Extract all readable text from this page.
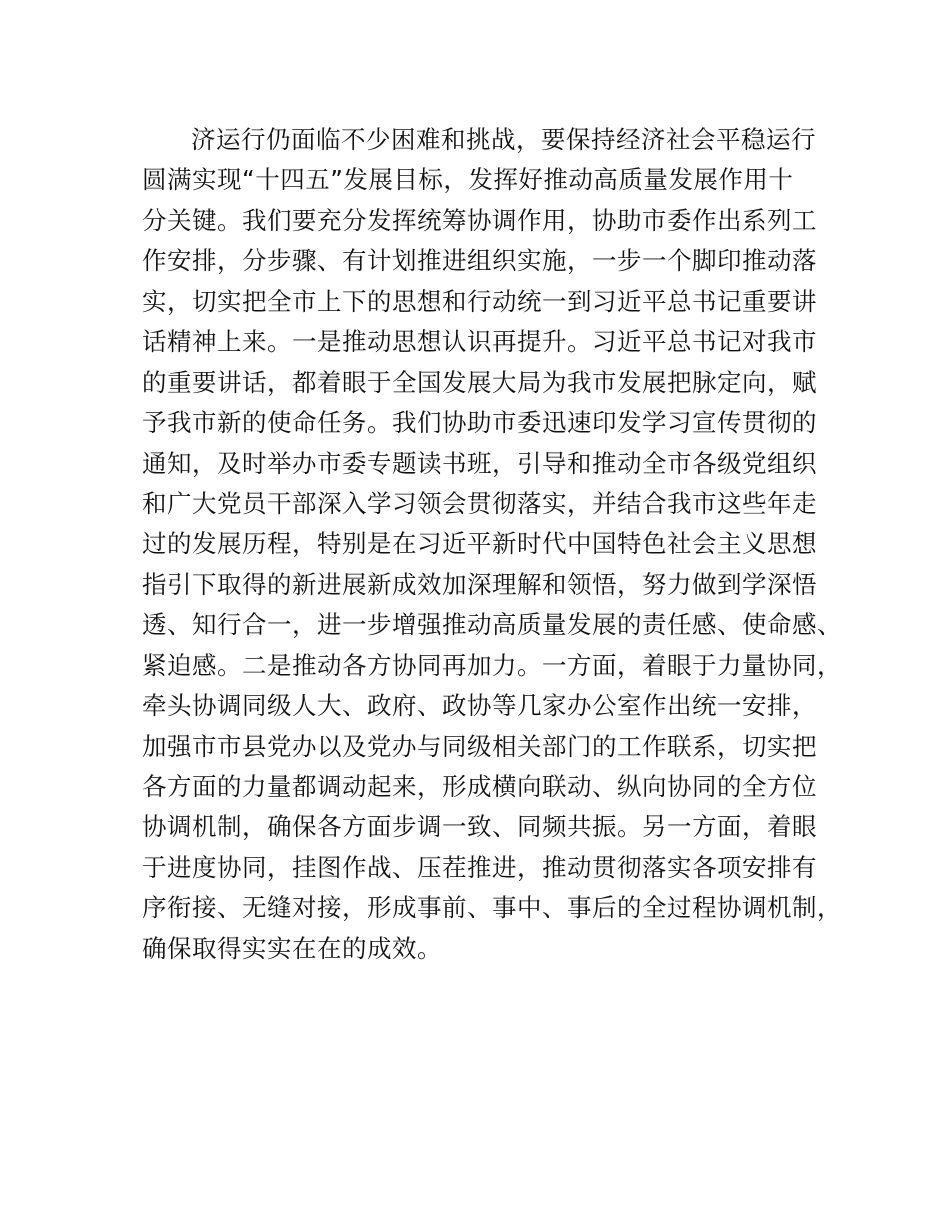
济运行仍面临不少困难和挑战，要保持经济社会平稳运行
圆满实现“十四五”发展目标，发挥好推动高质量发展作用十
分关键。我们要充分发挥统筹协调作用，协助市委作出系列工
作安排，分步骤、有计划推进组织实施，一步一个脚印推动落
实，切实把全市上下的思想和行动统一到习近平总书记重要讲
话精神上来。一是推动思想认识再提升。习近平总书记对我市
的重要讲话，都着眼于全国发展大局为我市发展把脉定向，赋
予我市新的使命任务。我们协助市委迅速印发学习宣传贯彻的
通知，及时举办市委专题读书班，引导和推动全市各级党组织
和广大党员干部深入学习领会贯彻落实，并结合我市这些年走
过的发展历程，特别是在习近平新时代中国特色社会主义思想
指引下取得的新进展新成效加深理解和领悟，努力做到学深悟
透、知行合一，进一步增强推动高质量发展的责任感、使命感、
紧迫感。二是推动各方协同再加力。一方面，着眼于力量协同，
牵头协调同级人大、政府、政协等几家办公室作出统一安排，
加强市市县党办以及党办与同级相关部门的工作联系，切实把
各方面的力量都调动起来，形成横向联动、纵向协同的全方位
协调机制，确保各方面步调一致、同频共振。另一方面，着眼
于进度协同，挂图作战、压茬推进，推动贯彻落实各项安排有
序衔接、无缝对接，形成事前、事中、事后的全过程协调机制，
确保取得实实在在的成效。
